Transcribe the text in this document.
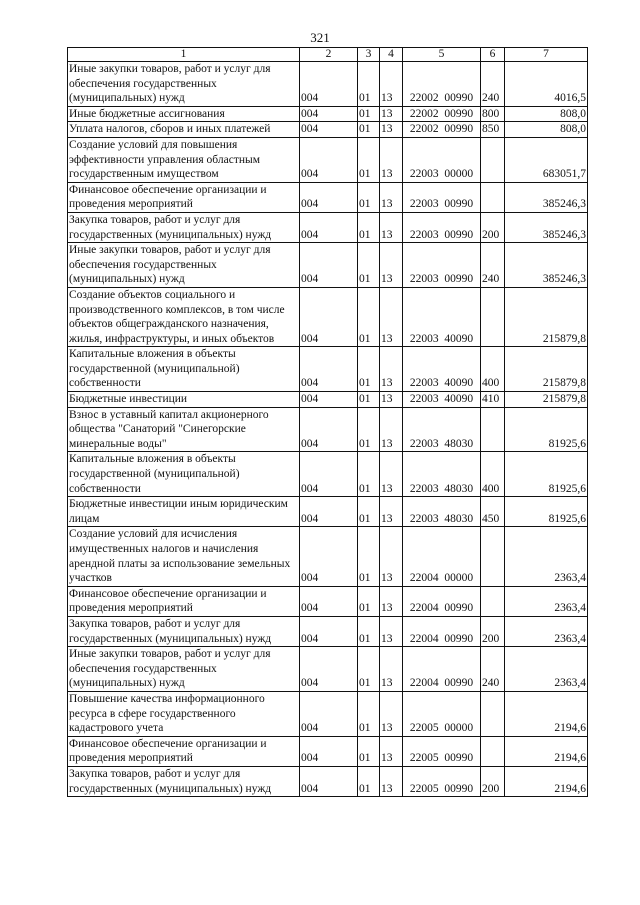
321
1	2	3	4	5	6	7
Иные закупки товаров, работ и услуг для обеспечения государственных (муниципальных) нужд	004	01	13	22002  00990	240	4016,5
Иные бюджетные ассигнования	004	01	13	22002  00990	800	808,0
Уплата налогов, сборов и иных платежей	004	01	13	22002  00990	850	808,0
Создание условий для повышения эффективности управления областным государственным имуществом	004	01	13	22003  00000		683051,7
Финансовое обеспечение организации и проведения мероприятий	004	01	13	22003  00990		385246,3
Закупка товаров, работ и услуг для государственных (муниципальных) нужд	004	01	13	22003  00990	200	385246,3
Иные закупки товаров, работ и услуг для обеспечения государственных (муниципальных) нужд	004	01	13	22003  00990	240	385246,3
Создание объектов социального и производственного комплексов, в том числе объектов общегражданского назначения, жилья, инфраструктуры, и иных объектов	004	01	13	22003  40090		215879,8
Капитальные вложения в объекты государственной (муниципальной) собственности	004	01	13	22003  40090	400	215879,8
Бюджетные инвестиции	004	01	13	22003  40090	410	215879,8
Взнос в уставный капитал акционерного общества "Санаторий "Синегорские минеральные воды"	004	01	13	22003  48030		81925,6
Капитальные вложения в объекты государственной (муниципальной) собственности	004	01	13	22003  48030	400	81925,6
Бюджетные инвестиции иным юридическим лицам	004	01	13	22003  48030	450	81925,6
Создание условий для исчисления имущественных налогов и начисления арендной платы за использование земельных участков	004	01	13	22004  00000		2363,4
Финансовое обеспечение организации и проведения мероприятий	004	01	13	22004  00990		2363,4
Закупка товаров, работ и услуг для государственных (муниципальных) нужд	004	01	13	22004  00990	200	2363,4
Иные закупки товаров, работ и услуг для обеспечения государственных (муниципальных) нужд	004	01	13	22004  00990	240	2363,4
Повышение качества информационного ресурса в сфере государственного кадастрового учета	004	01	13	22005  00000		2194,6
Финансовое обеспечение организации и проведения мероприятий	004	01	13	22005  00990		2194,6
Закупка товаров, работ и услуг для государственных (муниципальных) нужд	004	01	13	22005  00990	200	2194,6
